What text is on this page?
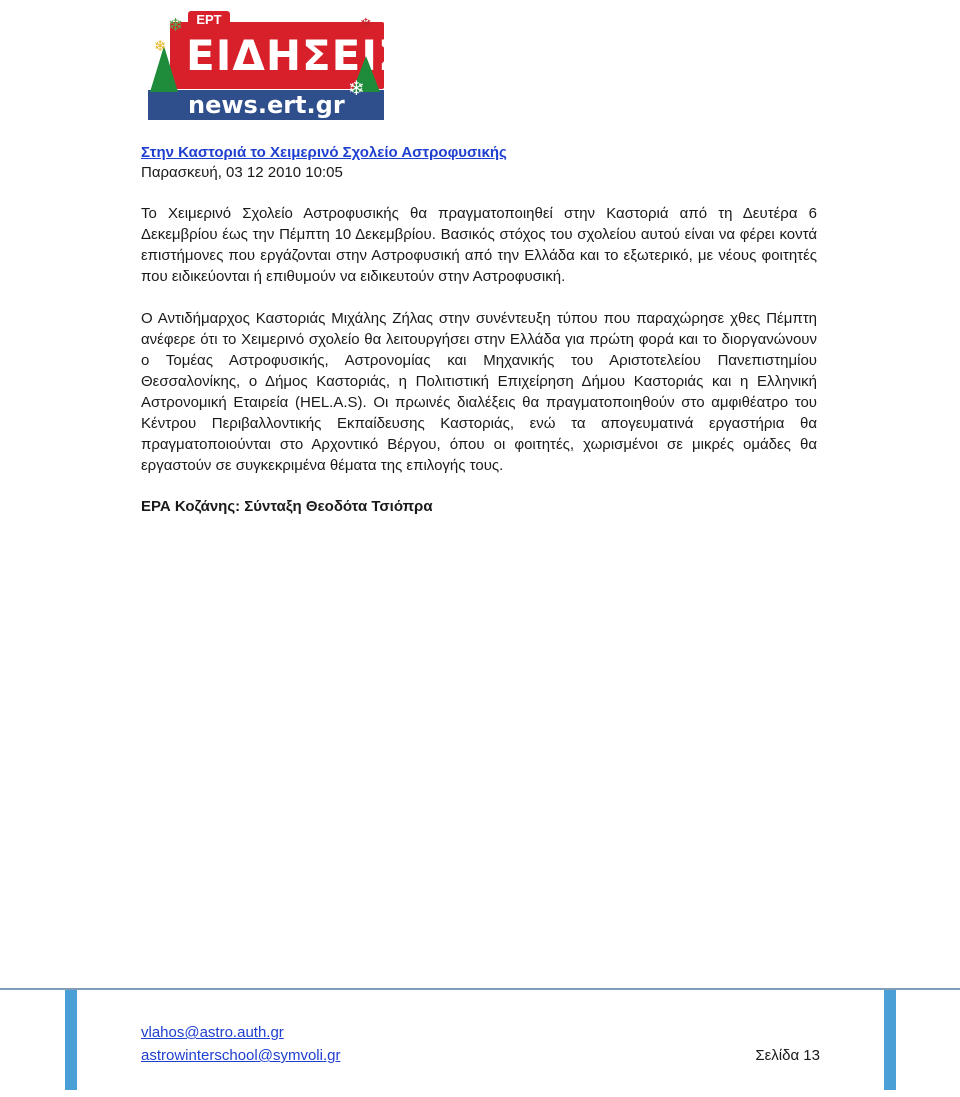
ΕΡΤ
ΕΙΔΗΣΕΙΣ
news.ert.gr
❄
❄
❄
❄
Στην Καστοριά το Χειμερινό Σχολείο Αστροφυσικής
Παρασκευή, 03 12 2010 10:05

Το Χειμερινό Σχολείο Αστροφυσικής θα πραγματοποιηθεί στην Καστοριά από τη Δευτέρα 6 Δεκεμβρίου έως την Πέμπτη 10 Δεκεμβρίου. Βασικός στόχος του σχολείου αυτού είναι να φέρει κοντά επιστήμονες που εργάζονται στην Αστροφυσική από την Ελλάδα και το εξωτερικό, με νέους φοιτητές που ειδικεύονται ή επιθυμούν να ειδικευτούν στην Αστροφυσική.

Ο Αντιδήμαρχος Καστοριάς Μιχάλης Ζήλας στην συνέντευξη τύπου που παραχώρησε χθες Πέμπτη ανέφερε ότι το Χειμερινό σχολείο θα λειτουργήσει στην Ελλάδα για πρώτη φορά και το διοργανώνουν ο Τομέας Αστροφυσικής, Αστρονομίας και Μηχανικής του Αριστοτελείου Πανεπιστημίου Θεσσαλονίκης, ο Δήμος Καστοριάς, η Πολιτιστική Επιχείρηση Δήμου Καστοριάς και η Ελληνική Αστρονομική Εταιρεία (HEL.A.S). Οι πρωινές διαλέξεις θα πραγματοποιηθούν στο αμφιθέατρο του Κέντρου Περιβαλλοντικής Εκπαίδευσης Καστοριάς, ενώ τα απογευματινά εργαστήρια θα πραγματοποιούνται στο Αρχοντικό Βέργου, όπου οι φοιτητές, χωρισμένοι σε μικρές ομάδες θα εργαστούν σε συγκεκριμένα θέματα της επιλογής τους.

ΕΡΑ Κοζάνης: Σύνταξη Θεοδότα Τσιόπρα
vlahos@astro.auth.gr
astrowinterschool@symvoli.gr	Σελίδα 13
